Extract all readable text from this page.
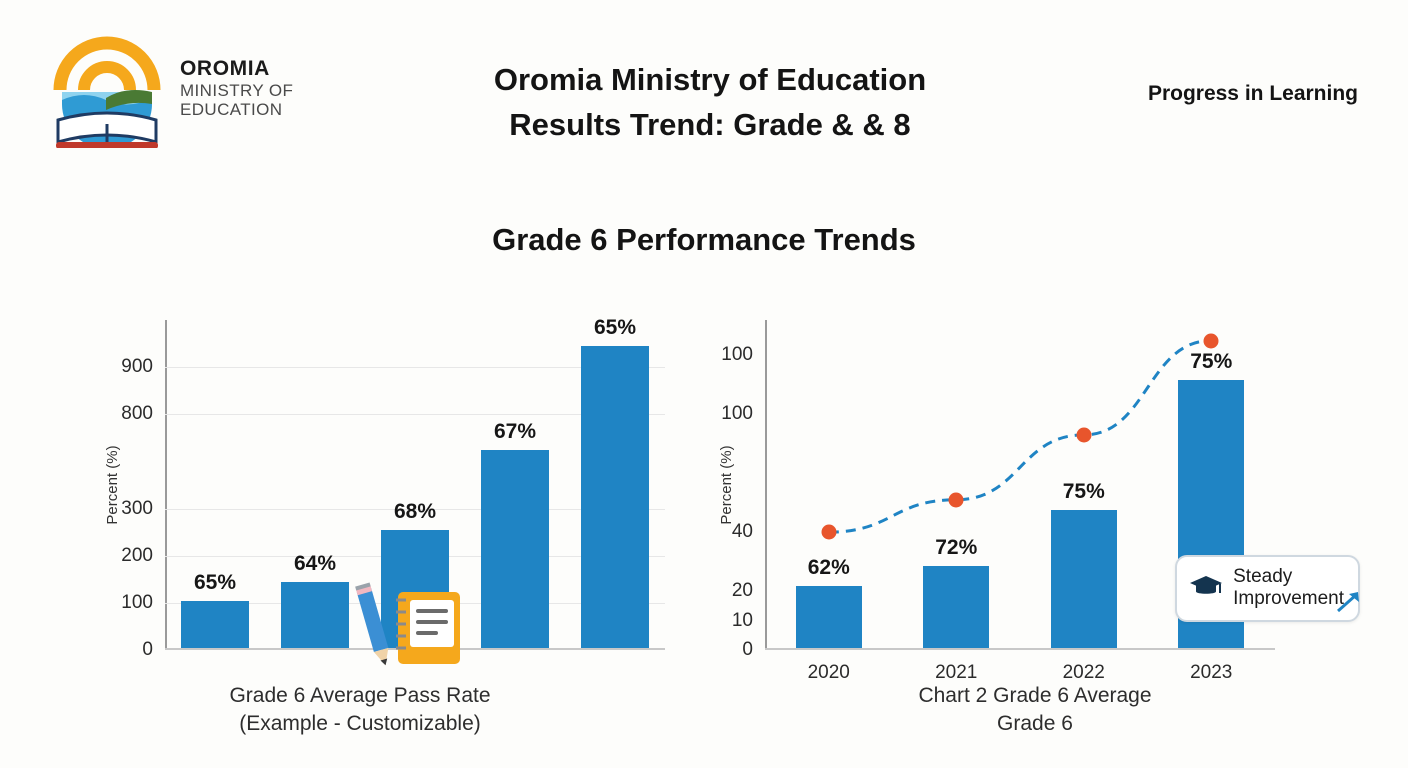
OROMIA
MINISTRY OF
EDUCATION
Oromia Ministry of Education
Results Trend: Grade & & 8
Progress in Learning
Grade 6 Performance Trends
Percent (%)
0
100
200
300
800
900
65%
64%
68%
67%
65%
Grade 6 Average Pass Rate
(Example - Customizable)
Percent (%)
0
10
20
40
100
100
62%
2020
72%
2021
75%
2022
75%
2023
Chart 2 Grade 6 Average
Grade 6
Steady
Improvement
